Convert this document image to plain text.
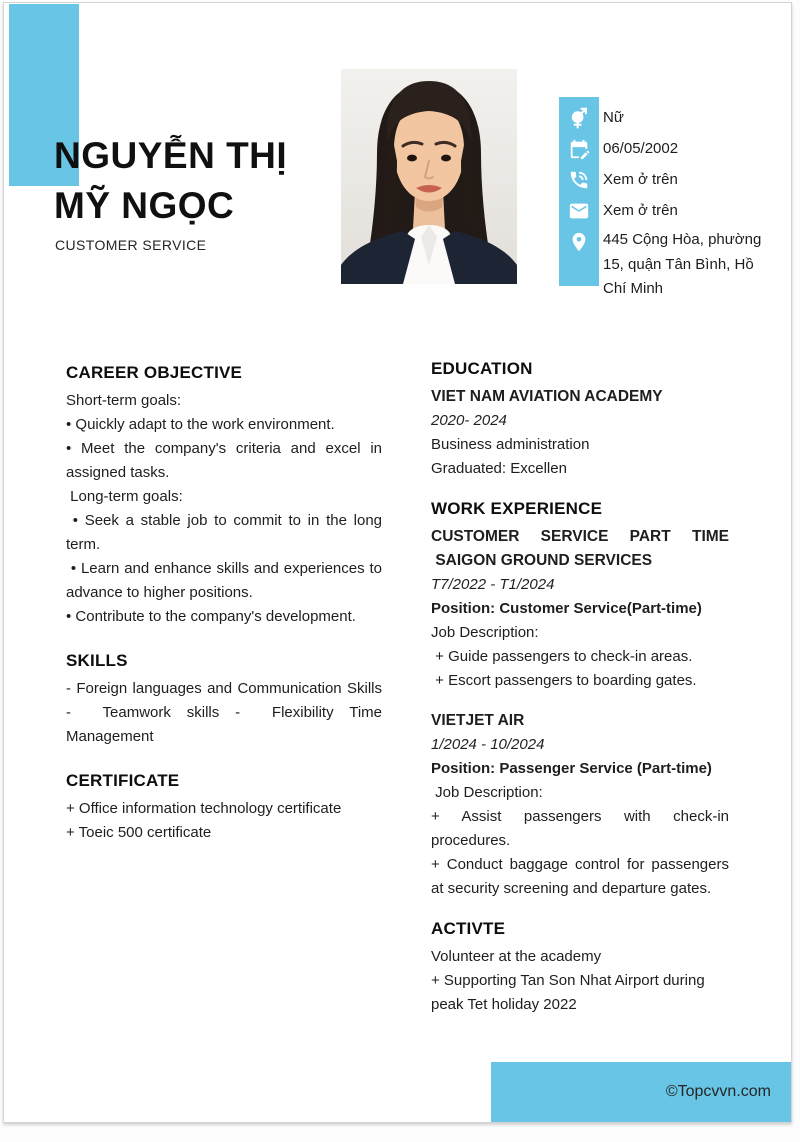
NGUYỄN THỊ
MỸ NGỌC
CUSTOMER SERVICE
Nữ
06/05/2002
Xem ở trên
Xem ở trên
445 Cộng Hòa, phường 15, quận Tân Bình, Hồ Chí Minh
CAREER OBJECTIVE
Short-term goals:
• Quickly adapt to the work environment.
• Meet the company's criteria and excel in assigned tasks.
Long-term goals:
• Seek a stable job to commit to in the long term.
• Learn and enhance skills and experiences to advance to higher positions.
• Contribute to the company's development.
SKILLS
- Foreign languages and Communication Skills -  Teamwork skills -  Flexibility Time Management
CERTIFICATE
+ Office information technology certificate
+ Toeic 500 certificate
EDUCATION
VIET NAM AVIATION ACADEMY
2020- 2024
Business administration
Graduated: Excellen
WORK EXPERIENCE
CUSTOMER SERVICE PART TIME
SAIGON GROUND SERVICES
T7/2022 - T1/2024
Position: Customer Service(Part-time)
Job Description:
+ Guide passengers to check-in areas.
+ Escort passengers to boarding gates.
VIETJET AIR
1/2024 - 10/2024
Position: Passenger Service (Part-time)
Job Description:
+ Assist passengers with check-in procedures.
+ Conduct baggage control for passengers at security screening and departure gates.
ACTIVTE
Volunteer at the academy
+ Supporting Tan Son Nhat Airport during peak Tet holiday 2022
©Topcvvn.com
